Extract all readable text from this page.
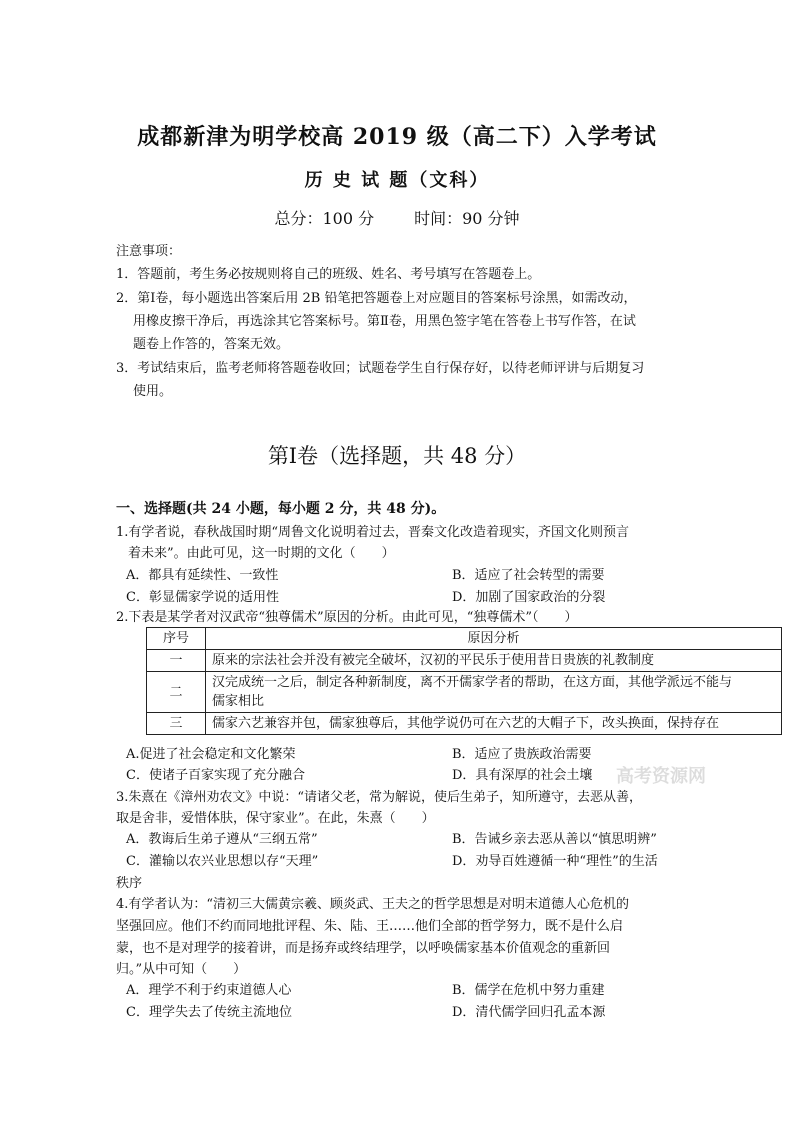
成都新津为明学校高 2019 级（高二下）入学考试
历 史 试 题（文科）
总分：100 分	时间：90 分钟
注意事项：
1．答题前，考生务必按规则将自己的班级、姓名、考号填写在答题卷上。
2．第Ⅰ卷，每小题选出答案后用 2B 铅笔把答题卷上对应题目的答案标号涂黑，如需改动，
用橡皮擦干净后，再选涂其它答案标号。第Ⅱ卷，用黑色签字笔在答卷上书写作答，在试
题卷上作答的，答案无效。
3．考试结束后，监考老师将答题卷收回；试题卷学生自行保存好，以待老师评讲与后期复习
使用。
第Ⅰ卷（选择题，共 48 分）
一、选择题(共 24 小题，每小题 2 分，共 48 分)。
1.有学者说，春秋战国时期“周鲁文化说明着过去，晋秦文化改造着现实，齐国文化则预言
着未来”。由此可见，这一时期的文化（　　）
A．都具有延续性、一致性	B．适应了社会转型的需要
C．彰显儒家学说的适用性	D．加剧了国家政治的分裂
2.下表是某学者对汉武帝“独尊儒术”原因的分析。由此可见，“独尊儒术”（　　）
序号	原因分析
一	原来的宗法社会并没有被完全破坏，汉初的平民乐于使用昔日贵族的礼教制度
二	汉完成统一之后，制定各种新制度，离不开儒家学者的帮助，在这方面，其他学派远不能与
儒家相比
三	儒家六艺兼容并包，儒家独尊后，其他学说仍可在六艺的大帽子下，改头换面，保持存在
A.促进了社会稳定和文化繁荣	B．适应了贵族政治需要
C．使诸子百家实现了充分融合	D．具有深厚的社会土壤 高考资源网
3.朱熹在《漳州劝农文》中说：“请诸父老，常为解说，使后生弟子，知所遵守，去恶从善，
取是舍非，爱惜体肤，保守家业”。在此，朱熹（　　）
A．教诲后生弟子遵从“三纲五常”	B．告诫乡亲去恶从善以“慎思明辨”
C．灌输以农兴业思想以存“天理”	D．劝导百姓遵循一种“理性”的生活
秩序
4.有学者认为：“清初三大儒黄宗羲、顾炎武、王夫之的哲学思想是对明末道德人心危机的
坚强回应。他们不约而同地批评程、朱、陆、王……他们全部的哲学努力，既不是什么启
蒙，也不是对理学的接着讲，而是扬弃或终结理学，以呼唤儒家基本价值观念的重新回
归。”从中可知（　　）
A．理学不利于约束道德人心	B．儒学在危机中努力重建
C．理学失去了传统主流地位	D．清代儒学回归孔孟本源
